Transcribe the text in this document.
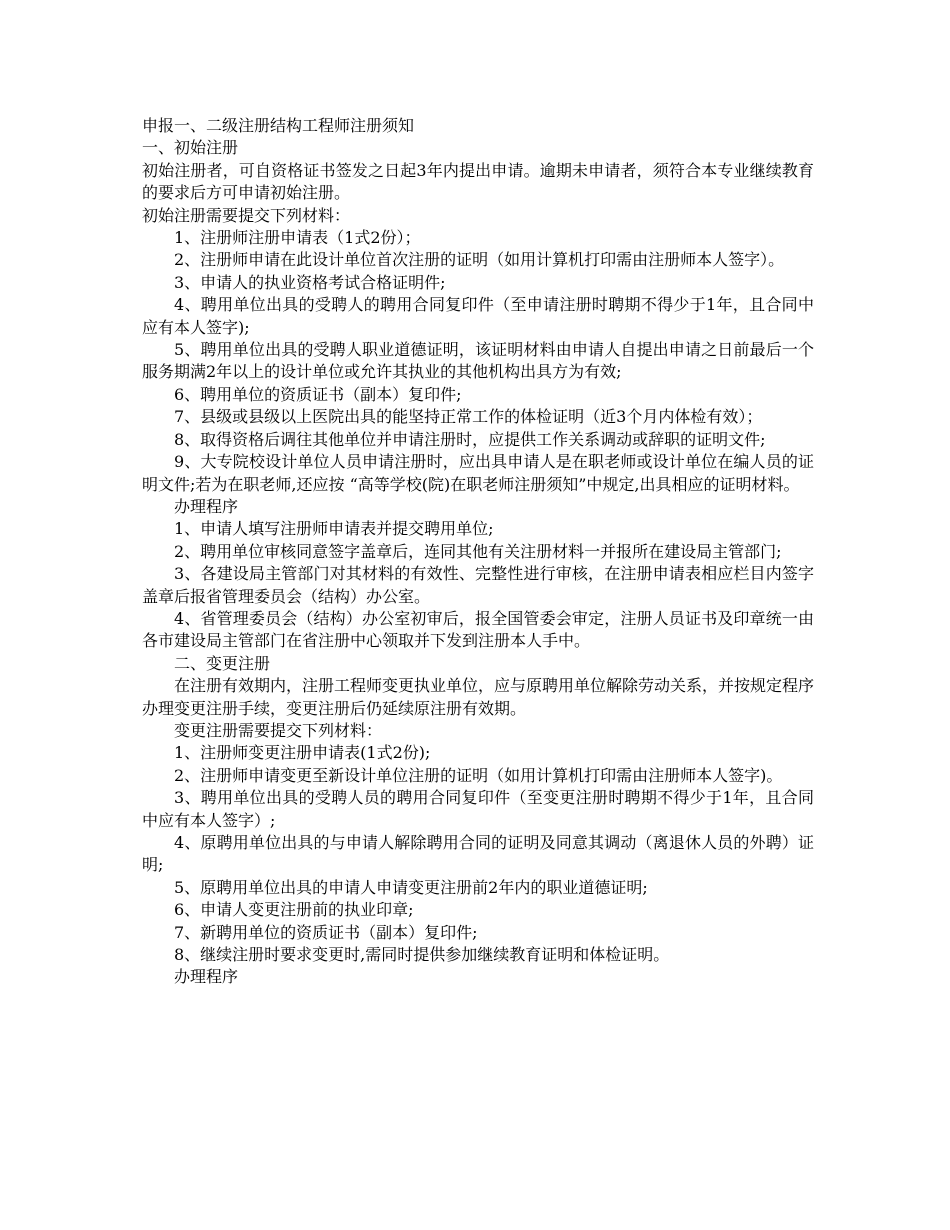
申报一、二级注册结构工程师注册须知

一、初始注册

初始注册者，可自资格证书签发之日起3年内提出申请。逾期未申请者，须符合本专业继续教育的要求后方可申请初始注册。

初始注册需要提交下列材料：

1、注册师注册申请表（1式2份）；

2、注册师申请在此设计单位首次注册的证明（如用计算机打印需由注册师本人签字）。

3、申请人的执业资格考试合格证明件;

4、聘用单位出具的受聘人的聘用合同复印件（至申请注册时聘期不得少于1年，且合同中应有本人签字);

5、聘用单位出具的受聘人职业道德证明，该证明材料由申请人自提出申请之日前最后一个服务期满2年以上的设计单位或允许其执业的其他机构出具方为有效;

6、聘用单位的资质证书（副本）复印件;

7、县级或县级以上医院出具的能坚持正常工作的体检证明（近3个月内体检有效）；

8、取得资格后调往其他单位并申请注册时，应提供工作关系调动或辞职的证明文件;

9、大专院校设计单位人员申请注册时，应出具申请人是在职老师或设计单位在编人员的证明文件;若为在职老师,还应按 “高等学校(院)在职老师注册须知”中规定,出具相应的证明材料。

办理程序

1、申请人填写注册师申请表并提交聘用单位;

2、聘用单位审核同意签字盖章后，连同其他有关注册材料一并报所在建设局主管部门;

3、各建设局主管部门对其材料的有效性、完整性进行审核，在注册申请表相应栏目内签字盖章后报省管理委员会（结构）办公室。

4、省管理委员会（结构）办公室初审后，报全国管委会审定，注册人员证书及印章统一由各市建设局主管部门在省注册中心领取并下发到注册本人手中。

二、变更注册

在注册有效期内，注册工程师变更执业单位，应与原聘用单位解除劳动关系，并按规定程序办理变更注册手续，变更注册后仍延续原注册有效期。

变更注册需要提交下列材料：

1、注册师变更注册申请表(1式2份);

2、注册师申请变更至新设计单位注册的证明（如用计算机打印需由注册师本人签字)。

3、聘用单位出具的受聘人员的聘用合同复印件（至变更注册时聘期不得少于1年，且合同中应有本人签字）;

4、原聘用单位出具的与申请人解除聘用合同的证明及同意其调动（离退休人员的外聘）证明;

5、原聘用单位出具的申请人申请变更注册前2年内的职业道德证明;

6、申请人变更注册前的执业印章;

7、新聘用单位的资质证书（副本）复印件;

8、继续注册时要求变更时,需同时提供参加继续教育证明和体检证明。

办理程序
